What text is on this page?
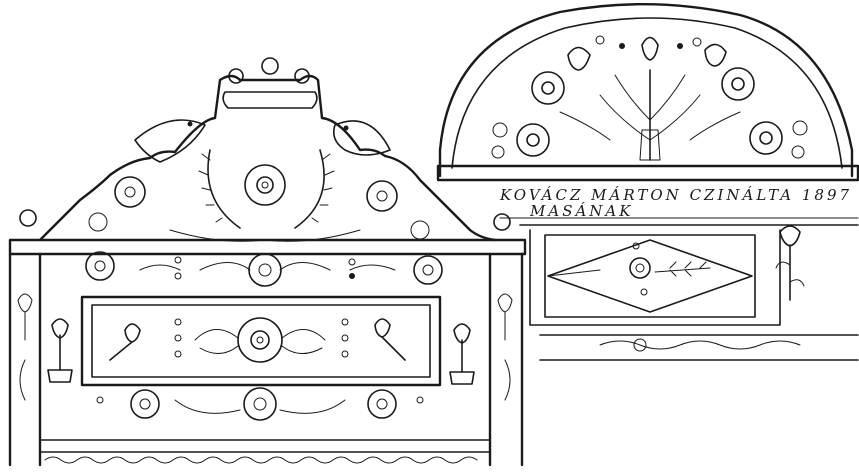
KOVÁCZ MÁRTON CZINÁLTA 1897
MASÁNAK
